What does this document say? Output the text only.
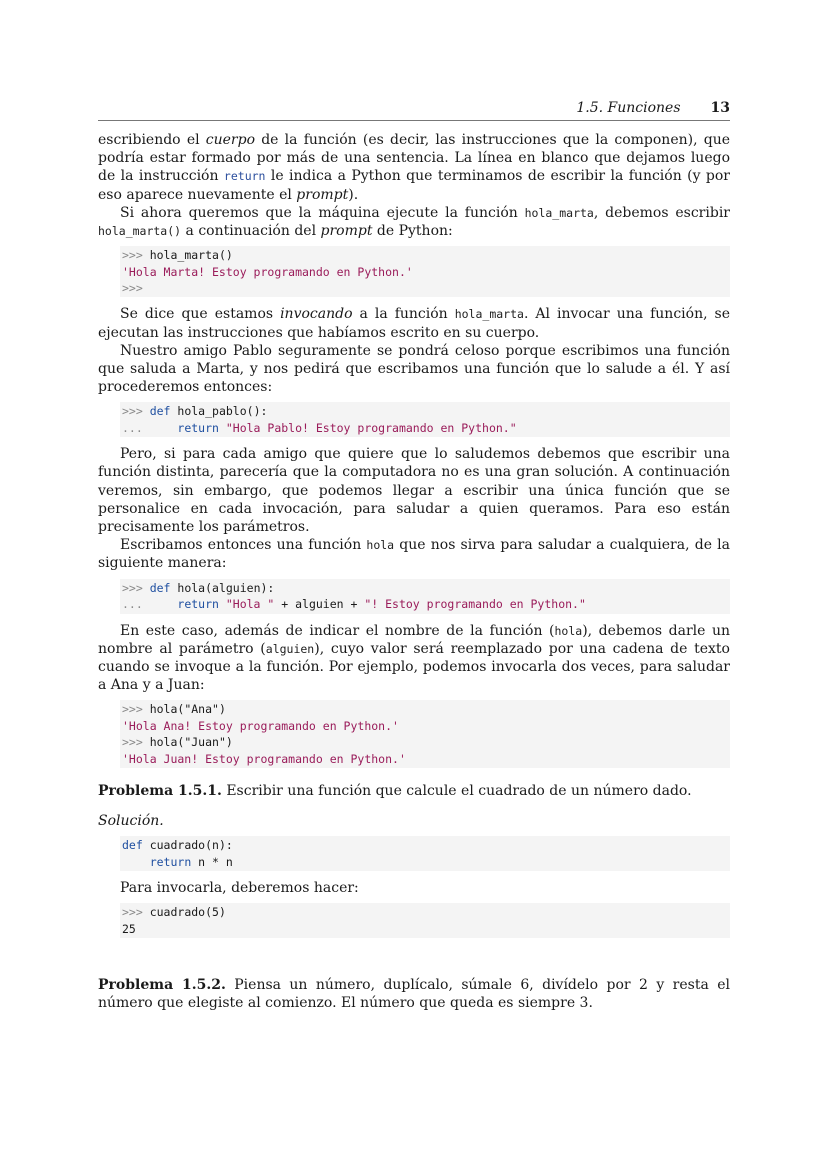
1.5. Funciones 13

escribiendo el cuerpo de la función (es decir, las instrucciones que la componen), que podría estar formado por más de una sentencia. La línea en blanco que dejamos luego de la instrucción return le indica a Python que terminamos de escribir la función (y por eso aparece nuevamente el prompt).

Si ahora queremos que la máquina ejecute la función hola_marta, debemos escribir hola_marta() a continuación del prompt de Python:

>>> hola_marta()
'Hola Marta! Estoy programando en Python.'
>>>

Se dice que estamos invocando a la función hola_marta. Al invocar una función, se ejecutan las instrucciones que habíamos escrito en su cuerpo.

Nuestro amigo Pablo seguramente se pondrá celoso porque escribimos una función que saluda a Marta, y nos pedirá que escribamos una función que lo salude a él. Y así procederemos entonces:

>>> def hola_pablo():
...     return "Hola Pablo! Estoy programando en Python."

Pero, si para cada amigo que quiere que lo saludemos debemos que escribir una función distinta, parecería que la computadora no es una gran solución. A continuación veremos, sin embargo, que podemos llegar a escribir una única función que se personalice en cada invocación, para saludar a quien queramos. Para eso están precisamente los parámetros.

Escribamos entonces una función hola que nos sirva para saludar a cualquiera, de la siguiente manera:

>>> def hola(alguien):
...     return "Hola " + alguien + "! Estoy programando en Python."

En este caso, además de indicar el nombre de la función (hola), debemos darle un nombre al parámetro (alguien), cuyo valor será reemplazado por una cadena de texto cuando se invoque a la función. Por ejemplo, podemos invocarla dos veces, para saludar a Ana y a Juan:

>>> hola("Ana")
'Hola Ana! Estoy programando en Python.'
>>> hola("Juan")
'Hola Juan! Estoy programando en Python.'

Problema 1.5.1. Escribir una función que calcule el cuadrado de un número dado.

Solución.

def cuadrado(n):
return n * n

Para invocarla, deberemos hacer:

>>> cuadrado(5)
25

Problema 1.5.2. Piensa un número, duplícalo, súmale 6, divídelo por 2 y resta el número que elegiste al comienzo. El número que queda es siempre 3.
